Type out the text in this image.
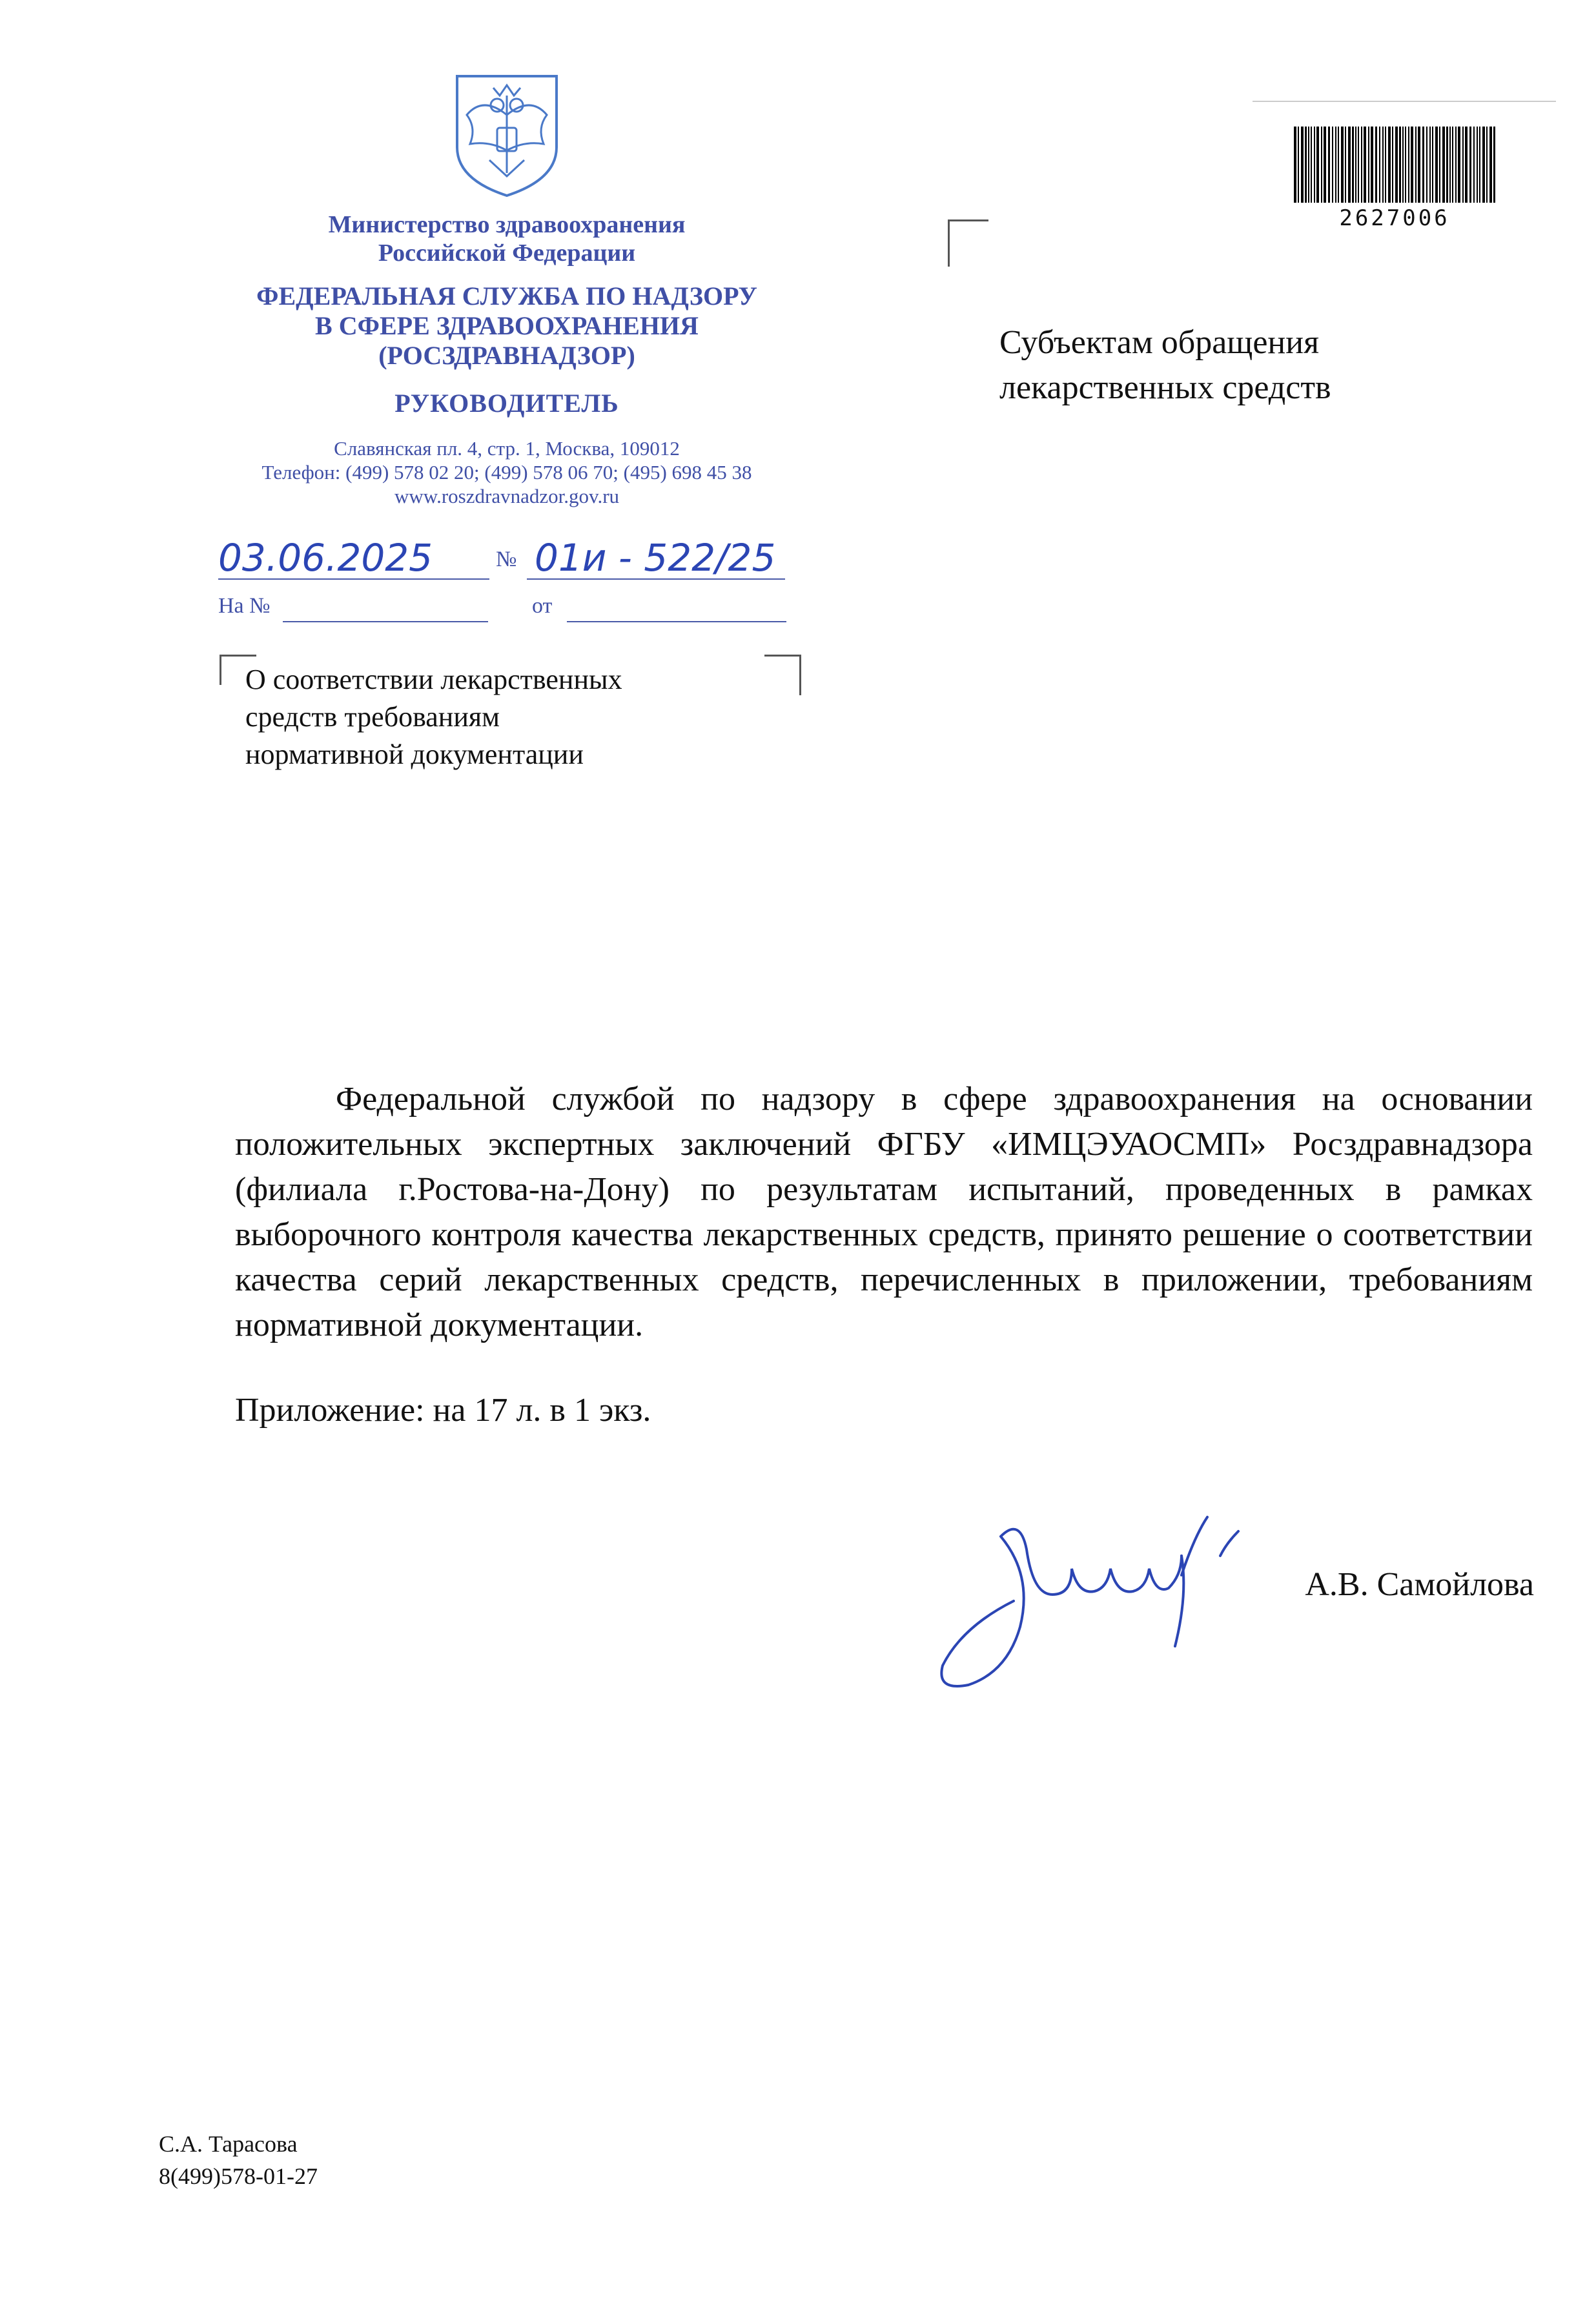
Министерство здравоохранения
Российской Федерации
ФЕДЕРАЛЬНАЯ СЛУЖБА ПО НАДЗОРУ
В СФЕРЕ ЗДРАВООХРАНЕНИЯ
(РОСЗДРАВНАДЗОР)
РУКОВОДИТЕЛЬ
Славянская пл. 4, стр. 1, Москва, 109012
Телефон: (499) 578 02 20; (499) 578 06 70; (495) 698 45 38
www.roszdravnadzor.gov.ru
03.06.2025	№ 01и - 522/25
На №	от
О соответствии лекарственных
средств требованиям
нормативной документации
Субъектам обращения
лекарственных средств
2627006

Федеральной службой по надзору в сфере здравоохранения на основании положительных экспертных заключений ФГБУ «ИМЦЭУАОСМП» Росздравнадзора (филиала г.Ростова-на-Дону) по результатам испытаний, проведенных в рамках выборочного контроля качества лекарственных средств, принято решение о соответствии качества серий лекарственных средств, перечисленных в приложении, требованиям нормативной документации.

Приложение: на 17 л. в 1 экз.
А.В. Самойлова
С.А. Тарасова
8(499)578-01-27
